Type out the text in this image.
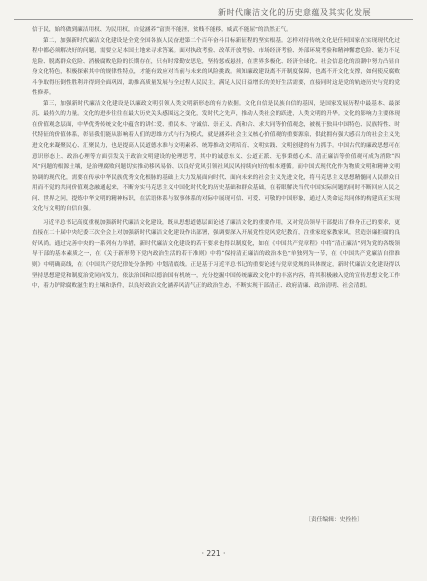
新时代廉洁文化的历史意蕴及其实化发展

信于民，始终做到廉洁用权、为民用权，自觉涵养“富贵不能淫，贫贱不能移，威武不能屈”的浩然正气。

第二，加强新时代廉洁文化建设是全党全国各族人民奋进第二个百年奋斗目标新征程的坚实根基。怎样对待传统文化是任何国家在实现现代化过程中都必须解决好的问题，需要立足本国土地来寻求答案。面对执政考验、改革开放考验、市场经济考验、外部环境考验和精神懈怠危险、能力不足危险、脱离群众危险、消极腐败危险的长期存在，只有时常勤安思危，坚持惩戒悬挂，在世界多极化、经济全球化、社会信息化的浪潮中努力凸显自身文化特色，积极探索其中的规律性特点，才能有效应对当前与未来的风险挑战。须知廉政建设离不开制度保障，也离不开文化支撑，如何使反腐败斗争取得压倒性胜利并得到全面巩固，助推高质量发展与全过程人民民主，满足人民日益增长的美好生活需要，直接同时这是党的轨迹历史与党的党性修养。

第三，加强新时代廉洁文化建设是以廉政文明引领人类文明新形态的有力依据。文化自信是民族自信的基因，是国家发展历程中最基本、最深沉、最持久的力量。文化的进步往往在最大历史关头感围远之变化，发时代之先声，推动人类社会的跃进，人类文明的升华。文化的影响力主要体现在价值观念层面，中华优秀传统文化中蕴含的讲仁爱、重民本、守诚信、崇正义、尚和合、求大同等价值观念，被视于独具中国特色、民族特性、时代特征的价值体系，彰显我们能从影响着人们的思维方式与行为模式，就是涵养社会主义核心价值观的重要源泉，供此拥有强大感召力的社会主义先进文化来凝聚民心、汇聚民力，也是提高人民道德水准与文明素养、统筹推动文明培育、文明实践、文明创建的有力抓手。中国古代的廉政思想可在意识形态上、政治心理等方面引发关于政治文明建设的伦理思考，其中的诚意东义、公道正派、无事秉德心术、清正廉洁等价值观可成为消除“四风”问题的根源土壤，是治理腐败问题切实推动移风易俗、以良好党风引领社风民风持续向好的根本遵循。而中国式现代化作为物质文明和精神文明协调的现代化，需要在传承中华民族优秀文化根脉的基础上大力发展面向时代、面向未来的社会主义先进文化，将马克思主义思想精髓同人民群众日用而不觉的共同价值观念融通起来，不断夯实马克思主义中国化时代化的历史基础和群众基础，在着眼解决当代中国实际问题的同时不断回应人民之问、世界之问，提炼中华文明的精神标识，在活语体系与叙事体系的对际中展现可信、可爱、可敬的中国形象，通过人类命运共同体的构建真正实现文化与文明的自信自强。

习近平总书记高度重视加强新时代廉洁文化建设，既从思想道德层面论述了廉洁文化的重要作用，又对党员领导干部提出了修身正己的要求，更直接在二十届中央纪委三次全会上对加强新时代廉洁文化建设作出部署，强调要深入开展党性党风党纪教育，注重家庭家教家风，营造崇廉拒腐的良好风尚。通过完善中央的一系列有力举措，新时代廉洁文化建设的若干要求也得以制度化，如在《中国共产党章程》中将“清正廉洁”列为党的各级领导干部的基本素质之一，在《关于新形势下党内政治生活的若干准则》中将“保持清正廉洁的政治本色”单独列为一节，在《中国共产党廉洁自律准则》中明确高线，在《中国共产党纪律处分条例》中划清底线。正是基于习近平总书记的重要论述与党章党规的具体规定，新时代廉洁文化建设得以坚持思想建党和制度治党同向发力，依法治国和以德治国有机统一，充分挖掘中国传统廉政文化中的丰富内容，将其积极融入党的宣传思想文化工作中，着力铲除腐败滋生的土壤和条件，以良好政治文化涵养风清气正的政治生态，不断实现干部清正、政府清廉、政治清明、社会清朗。

〔责任编辑：史拴拴〕
· 221 ·
